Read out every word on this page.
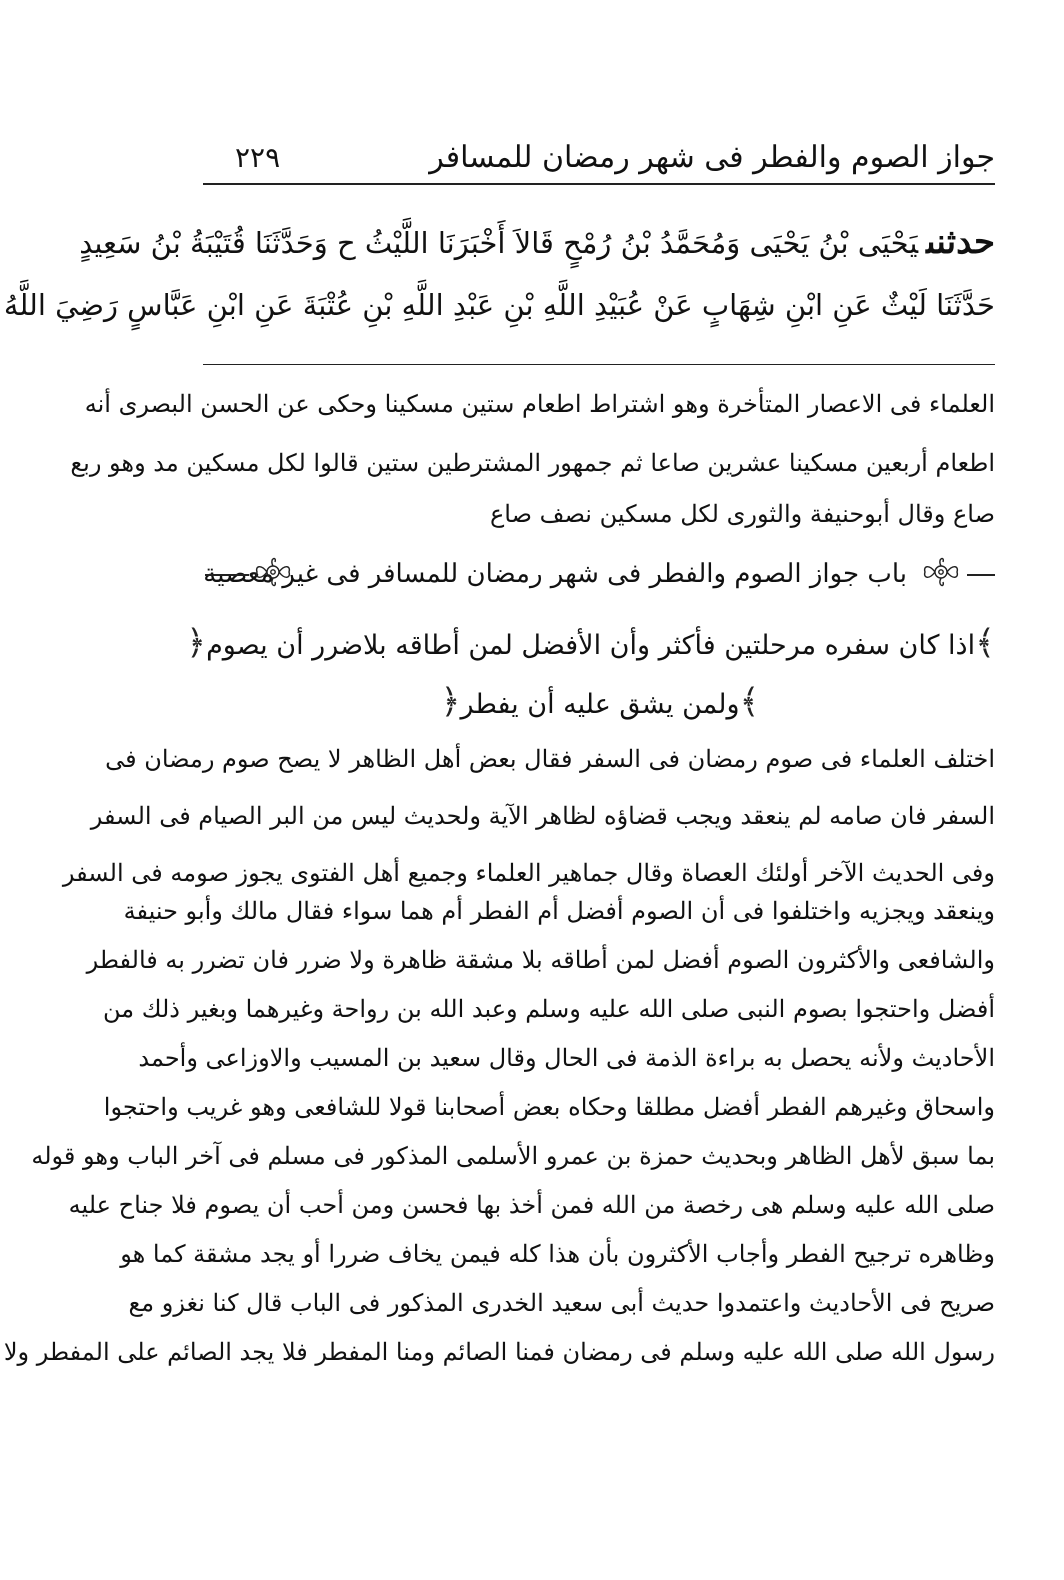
جواز الصوم والفطر فى شهر رمضان للمسافر
٢٢٩
حدثنىيَحْيَى بْنُ يَحْيَى وَمُحَمَّدُ بْنُ رُمْحٍ قَالاَ أَخْبَرَنَا اللَّيْثُ ح وَحَدَّثَنَا قُتَيْبَةُ بْنُ سَعِيدٍ
حَدَّثَنَا لَيْثٌ عَنِ ابْنِ شِهَابٍ عَنْ عُبَيْدِ اللَّهِ بْنِ عَبْدِ اللَّهِ بْنِ عُتْبَةَ عَنِ ابْنِ عَبَّاسٍ رَضِيَ اللَّهُ
العلماء فى الاعصار المتأخرة وهو اشتراط اطعام ستين مسكينا وحكى عن الحسن البصرى أنه
اطعام أربعين مسكينا عشرين صاعا ثم جمهور المشترطين ستين قالوا لكل مسكين مد وهو ربع
صاع وقال أبوحنيفة والثورى لكل مسكين نصف صاع
باب جواز الصوم والفطر فى شهر رمضان للمسافر فى غير معصية
﴾اذا كان سفره مرحلتين فأكثر وأن الأفضل لمن أطاقه بلاضرر أن يصوم﴿
﴾ولمن يشق عليه أن يفطر﴿
اختلف العلماء فى صوم رمضان فى السفر فقال بعض أهل الظاهر لا يصح صوم رمضان فى
السفر فان صامه لم ينعقد ويجب قضاؤه لظاهر الآية ولحديث ليس من البر الصيام فى السفر
وفى الحديث الآخر أولئك العصاة وقال جماهير العلماء وجميع أهل الفتوى يجوز صومه فى السفر
وينعقد ويجزيه واختلفوا فى أن الصوم أفضل أم الفطر أم هما سواء فقال مالك وأبو حنيفة
والشافعى والأكثرون الصوم أفضل لمن أطاقه بلا مشقة ظاهرة ولا ضرر فان تضرر به فالفطر
أفضل واحتجوا بصوم النبى صلى الله عليه وسلم وعبد الله بن رواحة وغيرهما وبغير ذلك من
الأحاديث ولأنه يحصل به براءة الذمة فى الحال وقال سعيد بن المسيب والاوزاعى وأحمد
واسحاق وغيرهم الفطر أفضل مطلقا وحكاه بعض أصحابنا قولا للشافعى وهو غريب واحتجوا
بما سبق لأهل الظاهر وبحديث حمزة بن عمرو الأسلمى المذكور فى مسلم فى آخر الباب وهو قوله
صلى الله عليه وسلم هى رخصة من الله فمن أخذ بها فحسن ومن أحب أن يصوم فلا جناح عليه
وظاهره ترجيح الفطر وأجاب الأكثرون بأن هذا كله فيمن يخاف ضررا أو يجد مشقة كما هو
صريح فى الأحاديث واعتمدوا حديث أبى سعيد الخدرى المذكور فى الباب قال كنا نغزو مع
رسول الله صلى الله عليه وسلم فى رمضان فمنا الصائم ومنا المفطر فلا يجد الصائم على المفطر ولا
